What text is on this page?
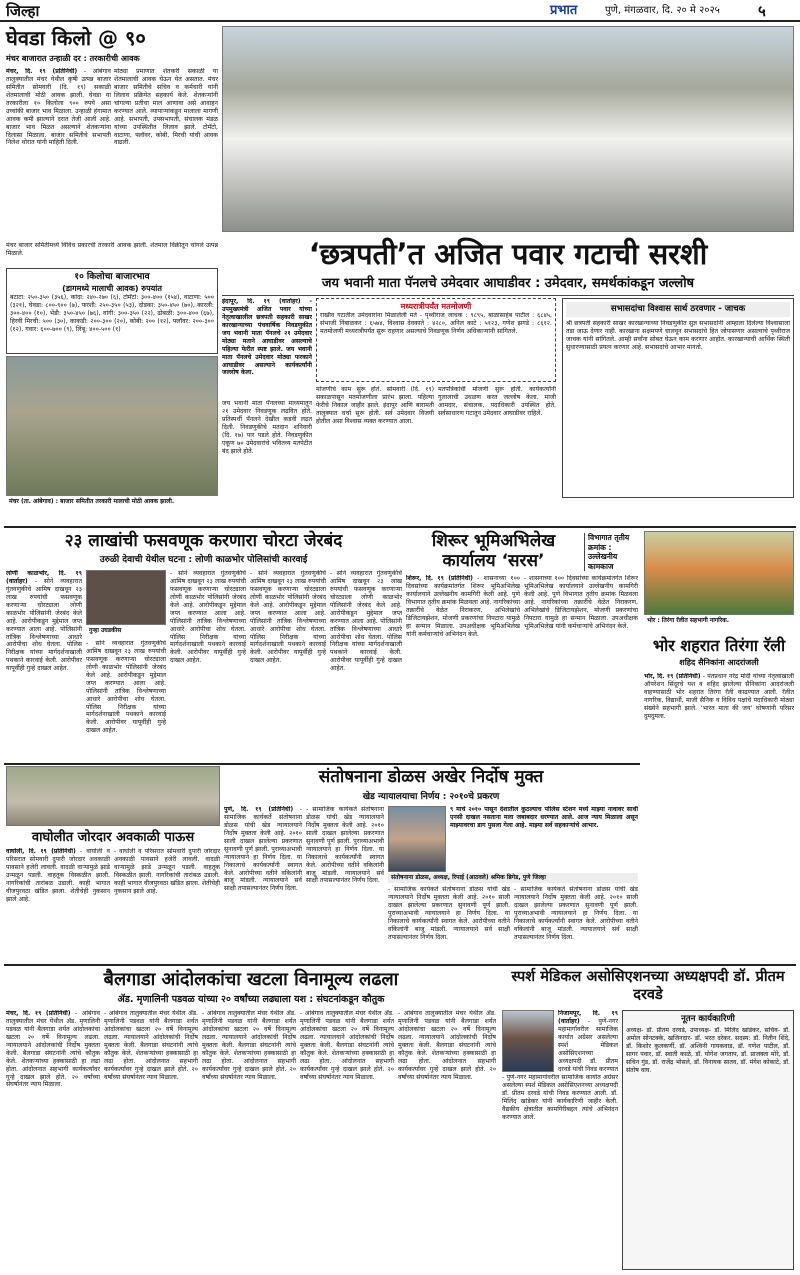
जिल्हा	प्रभात	पुणे, मंगळवार, दि. २० मे २०२५	५
घेवडा किलो @ ९०
मंचर बाजारात उन्हाळी दर : तरकारीची आवक
मंचर, दि. १९ (प्रतिनिधी) - आंबेगाव तालुक्यातील मंचर येथील कृषी उत्पन्न बाजार समितीत सोमवारी (दि. १९) सकाळी शेतमालाची मोठी आवक झाली. घेवडा या तरकारीला १० किलोला ९०० रुपये असा उच्चांकी बाजार भाव मिळाला. उन्हाळी हंगामात आवक कमी झाल्याने दरात तेजी आली आहे. बाजार भाव मिळत असल्याने शेतकऱ्यांना दिलासा मिळाला. बाजार समितीचे सभापती निलेश थोरात यांनी माहिती दिली.
मोठ्या प्रमाणात शेतकरी सकाळी या शेतमालाची आवक घेऊन येत असतात. मंचर बाजार समितीचे सचिव व कर्मचारी यांनी लिलाव प्रक्रियेत सहकार्य केले. शेतकऱ्यांनी चांगल्या प्रतीचा माल आणावा असे आवाहन करण्यात आले. व्यापाऱ्यांकडून मालाला मागणी आहे. सभापती, उपसभापती, संचालक मंडळ यांच्या उपस्थितीत लिलाव झाले. टोमॅटो, वाटाणा, फ्लॉवर, कोबी, मिरची यांची आवक वाढली.
मंचर बाजार समितीमध्ये विविध प्रकारची तरकारी आवक झाली. शेतमाल विक्रीतून चांगले उत्पन्न मिळाले.
१० किलोचा बाजारभाव
(डागमध्ये मालाची आवक) रुपयांत
बटाटा: २५०-३५० (३५६), कांदा: २४०-२७० (६), टोमॅटो: ३००-४०० (१५४), वाटाणा: ५०० (३२१), घेवडा: ८००-९०० (७), फरशी: २५०-३५० (५३), दोडका: ३५०-४५० (७०), कारली: ३००-४०० (१०), भेंडी: ३५०-४५० (७६), वांगी: ३००-३५० (२२), ढोबळी: ३००-४०० (६७), हिरवी मिरची: ५०० (३०), काकडी: २००-३०० (२०), कोबी: २०० (१२), फ्लॉवर: २००-३०० (१२), गवार: ६००-७०० (९), लिंबू: ४००-५०० (१)
मंचर (ता. आंबेगाव) : बाजार समितीत तरकारी मालाची मोठी आवक झाली.
‘छत्रपती’त अजित पवार गटाची सरशी
जय भवानी माता पॅनलचे उमेदवार आघाडीवर : उमेदवार, समर्थकांकडून जल्लोष
इंदापूर, दि. १९ (वार्ताहर) - उपमुख्यमंत्री अजित पवार यांच्या नेतृत्वाखालील छत्रपती सहकारी साखर कारखान्याच्या पंचवार्षिक निवडणुकीत जय भवानी माता पॅनलचे २१ उमेदवार मोठ्या मताने आघाडीवर असल्याचे पहिल्या फेरीत स्पष्ट झाले. जय भवानी माता पॅनलचे उमेदवार मोठ्या फरकाने आघाडीवर असल्याने कार्यकर्त्यांनी जल्लोष केला.
जय भवानी माता पॅनलच्या माध्यमातून २१ उमेदवार निवडणूक लढवित होते. प्रतिस्पर्धी पॅनलने देखील कडवी लढत दिली. निवडणुकीचे मतदान शनिवारी (दि. १७) पार पडले होते. निवडणुकीत एकूण ७० उमेदवारांचे भवितव्य मतपेटीत बंद झाले होते.
मध्यरात्रीपर्यंत मतमोजणी
राखीव गटातील उमेदवारांना मिळालेली मते - पृथ्वीराज जाचक : ९८९५, बाळासाहेब पाटील : ६८४५, संभाजी निंबाळकर : ६५७४, विश्वास देवकाते : ४२८०, अनिल काटे : ५१२३, गणेश झगडे : ८६१२. मतमोजणी मध्यरात्रीपर्यंत सुरू राहणार असल्याचे निवडणूक निर्णय अधिकाऱ्यांनी सांगितले.
मोजणीचे काम सुरू होते. सोमवारी (दि. १९) सकाळपासून मतमोजणीला प्रारंभ झाला. पहिल्या फेरीचे निकाल जाहीर झाले. इंदापूर आणि बारामती तालुक्यात चर्चा सुरू होती. सर्व उमेदवार विजयी होतील असा विश्वास व्यक्त करण्यात आला.
मतपत्रिकांची मोजणी सुरू होती. कार्यकर्त्यांनी गुलालाची उधळण करत जल्लोष केला. माजी आमदार, संचालक, पदाधिकारी उपस्थित होते. सर्वसाधारण गटातून उमेदवार आघाडीवर राहिले.
सभासदांचा विश्वास सार्थ ठरवणार - जाचक
श्री छत्रपती सहकारी साखर कारखान्याच्या निवडणुकीत सुज्ञ सभासदांनी आम्हाला दिलेल्या विश्वासाला तडा जाऊ देणार नाही. कारखाना सक्षमपणे चालवून सभासदांचे हित जोपासणार असल्याचे पृथ्वीराज जाचक यांनी सांगितले. आम्ही सर्वांना सोबत घेऊन काम करणार आहोत. कारखान्याची आर्थिक स्थिती सुधारण्यासाठी प्रयत्न करणार आहे. सभासदांचे आभार मानतो.
२३ लाखांची फसवणूक करणारा चोरटा जेरबंद
उरुळी देवाची येथील घटना : लोणी काळभोर पोलिसांची कारवाई
लोणी काळभोर, दि. १९ (वार्ताहर) - सोने व्यवहारात गुंतवणुकीचे आमिष दाखवून २३ लाख रुपयांची फसवणूक करणाऱ्या चोरट्याला लोणी काळभोर पोलिसांनी जेरबंद केले आहे. आरोपीकडून मुद्देमाल जप्त करण्यात आला आहे. पोलिसांनी तांत्रिक विश्लेषणाच्या आधारे आरोपीचा शोध घेतला. पोलिस निरीक्षक यांच्या मार्गदर्शनाखाली पथकाने कारवाई केली. आरोपीवर यापूर्वीही गुन्हे दाखल आहेत.
गुन्हा उघडकीस
- सोने व्यवहारात गुंतवणुकीचे आमिष दाखवून २३ लाख रुपयांची फसवणूक करणाऱ्या चोरट्याला लोणी काळभोर पोलिसांनी जेरबंद केले आहे. आरोपीकडून मुद्देमाल जप्त करण्यात आला आहे. पोलिसांनी तांत्रिक विश्लेषणाच्या आधारे आरोपीचा शोध घेतला. पोलिस निरीक्षक यांच्या मार्गदर्शनाखाली पथकाने कारवाई केली. आरोपीवर यापूर्वीही गुन्हे दाखल आहेत.
- सोने व्यवहारात गुंतवणुकीचे आमिष दाखवून २३ लाख रुपयांची फसवणूक करणाऱ्या चोरट्याला लोणी काळभोर पोलिसांनी जेरबंद केले आहे. आरोपीकडून मुद्देमाल जप्त करण्यात आला आहे. पोलिसांनी तांत्रिक विश्लेषणाच्या आधारे आरोपीचा शोध घेतला. पोलिस निरीक्षक यांच्या मार्गदर्शनाखाली पथकाने कारवाई केली. आरोपीवर यापूर्वीही गुन्हे दाखल आहेत.
- सोने व्यवहारात गुंतवणुकीचे आमिष दाखवून २३ लाख रुपयांची फसवणूक करणाऱ्या चोरट्याला लोणी काळभोर पोलिसांनी जेरबंद केले आहे. आरोपीकडून मुद्देमाल जप्त करण्यात आला आहे. पोलिसांनी तांत्रिक विश्लेषणाच्या आधारे आरोपीचा शोध घेतला. पोलिस निरीक्षक यांच्या मार्गदर्शनाखाली पथकाने कारवाई केली. आरोपीवर यापूर्वीही गुन्हे दाखल आहेत.
- सोने व्यवहारात गुंतवणुकीचे आमिष दाखवून २३ लाख रुपयांची फसवणूक करणाऱ्या चोरट्याला लोणी काळभोर पोलिसांनी जेरबंद केले आहे. आरोपीकडून मुद्देमाल जप्त करण्यात आला आहे. पोलिसांनी तांत्रिक विश्लेषणाच्या आधारे आरोपीचा शोध घेतला. पोलिस निरीक्षक यांच्या मार्गदर्शनाखाली पथकाने कारवाई केली. आरोपीवर यापूर्वीही गुन्हे दाखल आहेत.
शिरूर भूमिअभिलेख कार्यालय ‘सरस’
विभागात तृतीय क्रमांक : उल्लेखनीय कामकाज
शिरूर, दि. १९ (प्रतिनिधी) - शासनाच्या १०० दिवसांच्या कार्यक्रमांतर्गत शिरूर भूमिअभिलेख कार्यालयाने उल्लेखनीय कामगिरी केली आहे. पुणे विभागात तृतीय क्रमांक मिळवला आहे. नागरिकांच्या तक्रारींचे वेळेत निराकरण, अभिलेखांचे डिजिटायझेशन, मोजणी प्रकरणांचा निपटारा यामुळे हा सन्मान मिळाला. उपअधीक्षक भूमिअभिलेख यांनी कर्मचाऱ्यांचे अभिनंदन केले.
- शासनाच्या १०० दिवसांच्या कार्यक्रमांतर्गत शिरूर भूमिअभिलेख कार्यालयाने उल्लेखनीय कामगिरी केली आहे. पुणे विभागात तृतीय क्रमांक मिळवला आहे. नागरिकांच्या तक्रारींचे वेळेत निराकरण, अभिलेखांचे डिजिटायझेशन, मोजणी प्रकरणांचा निपटारा यामुळे हा सन्मान मिळाला. उपअधीक्षक भूमिअभिलेख यांनी कर्मचाऱ्यांचे अभिनंदन केले.
भोर : तिरंगा रॅलीत सहभागी नागरिक.
भोर शहरात तिरंगा रॅली
शहिद सैनिकांना आदरांजली
भोर, दि. १९ (प्रतिनिधी) - पंतप्रधान नरेंद्र मोदी यांच्या नेतृत्वाखाली ऑपरेशन सिंदूरचे यश व शहिद झालेल्या सैनिकांना आदरांजली वाहण्यासाठी भोर शहरात तिरंगा रॅली काढण्यात आली. रॅलीत नागरिक, विद्यार्थी, माजी सैनिक व विविध पक्षांचे पदाधिकारी मोठ्या संख्येने सहभागी झाले. ‘भारत माता की जय’ घोषणांनी परिसर दुमदुमला.
वाघोलीत जोरदार अवकाळी पाऊस
वाघोली, दि. १९ (प्रतिनिधी) - वाघोली व परिसरात सोमवारी दुपारी जोरदार अवकाळी पावसाने हजेरी लावली. वादळी वाऱ्यामुळे झाडे उन्मळून पडली. वाहतूक विस्कळीत झाली. नागरिकांची तारांबळ उडाली. काही भागात वीजपुरवठा खंडित झाला. शेतीचेही नुकसान झाले आहे.
- वाघोली व परिसरात सोमवारी दुपारी जोरदार अवकाळी पावसाने हजेरी लावली. वादळी वाऱ्यामुळे झाडे उन्मळून पडली. वाहतूक विस्कळीत झाली. नागरिकांची तारांबळ उडाली. काही भागात वीजपुरवठा खंडित झाला. शेतीचेही नुकसान झाले आहे.
संतोषनाना डोळस अखेर निर्दोष मुक्त
खेड न्यायालयाचा निर्णय : २०१०चे प्रकरण
पुणे, दि. १९ (प्रतिनिधी) - सामाजिक कार्यकर्ते संतोषनाना डोळस यांची खेड न्यायालयाने निर्दोष मुक्तता केली आहे. २०१० साली दाखल झालेल्या प्रकरणात सुनावणी पूर्ण झाली. पुराव्याअभावी न्यायालयाने हा निर्णय दिला. या निकालाचे कार्यकर्त्यांनी स्वागत केले. आरोपीच्या वतीने वकिलांनी बाजू मांडली. न्यायालयाने सर्व साक्षी तपासल्यानंतर निर्णय दिला.
- सामाजिक कार्यकर्ते संतोषनाना डोळस यांची खेड न्यायालयाने निर्दोष मुक्तता केली आहे. २०१० साली दाखल झालेल्या प्रकरणात सुनावणी पूर्ण झाली. पुराव्याअभावी न्यायालयाने हा निर्णय दिला. या निकालाचे कार्यकर्त्यांनी स्वागत केले. आरोपीच्या वतीने वकिलांनी बाजू मांडली. न्यायालयाने सर्व साक्षी तपासल्यानंतर निर्णय दिला.
९ मार्च २०१० पासून देशातील कुठल्याच पोलिस स्टेशन मध्ये माझ्या नावावर साधी एनसी दाखल नसताना मला जबाबदार धरण्यात आले. आज न्याय मिळाला असून माझ्यावरचा डाग पुसला गेला आहे. माझ्या सर्व सहकाऱ्यांचे आभार.
संतोषनाना डोळस, अध्यक्ष, रिपाई (आठवले) श्रमिक ब्रिगेड, पुणे जिल्हा
- सामाजिक कार्यकर्ते संतोषनाना डोळस यांची खेड न्यायालयाने निर्दोष मुक्तता केली आहे. २०१० साली दाखल झालेल्या प्रकरणात सुनावणी पूर्ण झाली. पुराव्याअभावी न्यायालयाने हा निर्णय दिला. या निकालाचे कार्यकर्त्यांनी स्वागत केले. आरोपीच्या वतीने वकिलांनी बाजू मांडली. न्यायालयाने सर्व साक्षी तपासल्यानंतर निर्णय दिला.
- सामाजिक कार्यकर्ते संतोषनाना डोळस यांची खेड न्यायालयाने निर्दोष मुक्तता केली आहे. २०१० साली दाखल झालेल्या प्रकरणात सुनावणी पूर्ण झाली. पुराव्याअभावी न्यायालयाने हा निर्णय दिला. या निकालाचे कार्यकर्त्यांनी स्वागत केले. आरोपीच्या वतीने वकिलांनी बाजू मांडली. न्यायालयाने सर्व साक्षी तपासल्यानंतर निर्णय दिला.
बैलगाडा आंदोलकांचा खटला विनामूल्य लढला
ॲड. मृणालिनी पडवळ यांच्या २० वर्षांच्या लढ्याला यश : संघटनांकडून कौतुक
मंचर, दि. १९ (प्रतिनिधी) - आंबेगाव तालुक्यातील मंचर येथील ॲड. मृणालिनी पडवळ यांनी बैलगाडा शर्यत आंदोलकांचा खटला २० वर्षे विनामूल्य लढला. न्यायालयाने आंदोलकांची निर्दोष मुक्तता केली. बैलगाडा संघटनांनी त्यांचे कौतुक केले. शेतकऱ्यांच्या हक्कासाठी हा लढा होता. आंदोलनात सहभागी कार्यकर्त्यांवर गुन्हे दाखल झाले होते. २० वर्षांच्या संघर्षानंतर न्याय मिळाला.
- आंबेगाव तालुक्यातील मंचर येथील ॲड. मृणालिनी पडवळ यांनी बैलगाडा शर्यत आंदोलकांचा खटला २० वर्षे विनामूल्य लढला. न्यायालयाने आंदोलकांची निर्दोष मुक्तता केली. बैलगाडा संघटनांनी त्यांचे कौतुक केले. शेतकऱ्यांच्या हक्कासाठी हा लढा होता. आंदोलनात सहभागी कार्यकर्त्यांवर गुन्हे दाखल झाले होते. २० वर्षांच्या संघर्षानंतर न्याय मिळाला.
- आंबेगाव तालुक्यातील मंचर येथील ॲड. मृणालिनी पडवळ यांनी बैलगाडा शर्यत आंदोलकांचा खटला २० वर्षे विनामूल्य लढला. न्यायालयाने आंदोलकांची निर्दोष मुक्तता केली. बैलगाडा संघटनांनी त्यांचे कौतुक केले. शेतकऱ्यांच्या हक्कासाठी हा लढा होता. आंदोलनात सहभागी कार्यकर्त्यांवर गुन्हे दाखल झाले होते. २० वर्षांच्या संघर्षानंतर न्याय मिळाला.
- आंबेगाव तालुक्यातील मंचर येथील ॲड. मृणालिनी पडवळ यांनी बैलगाडा शर्यत आंदोलकांचा खटला २० वर्षे विनामूल्य लढला. न्यायालयाने आंदोलकांची निर्दोष मुक्तता केली. बैलगाडा संघटनांनी त्यांचे कौतुक केले. शेतकऱ्यांच्या हक्कासाठी हा लढा होता. आंदोलनात सहभागी कार्यकर्त्यांवर गुन्हे दाखल झाले होते. २० वर्षांच्या संघर्षानंतर न्याय मिळाला.
- आंबेगाव तालुक्यातील मंचर येथील ॲड. मृणालिनी पडवळ यांनी बैलगाडा शर्यत आंदोलकांचा खटला २० वर्षे विनामूल्य लढला. न्यायालयाने आंदोलकांची निर्दोष मुक्तता केली. बैलगाडा संघटनांनी त्यांचे कौतुक केले. शेतकऱ्यांच्या हक्कासाठी हा लढा होता. आंदोलनात सहभागी कार्यकर्त्यांवर गुन्हे दाखल झाले होते. २० वर्षांच्या संघर्षानंतर न्याय मिळाला.
स्पर्श मेडिकल असोसिएशनच्या अध्यक्षपदी डॉ. प्रीतम दरवडे
निजामपूर, दि. १९ (वार्ताहर) - पुणे-नगर महामार्गावरील सामाजिक कार्यात अग्रेसर असलेल्या स्पर्श मेडिकल असोसिएशनच्या अध्यक्षपदी डॉ. प्रीतम दरवडे यांची निवड करण्यात
- पुणे-नगर महामार्गावरील सामाजिक कार्यात अग्रेसर असलेल्या स्पर्श मेडिकल असोसिएशनच्या अध्यक्षपदी डॉ. प्रीतम दरवडे यांची निवड करण्यात आली. डॉ. मिलिंद खांडेकर यांनी कार्यकारिणी जाहीर केली. वैद्यकीय क्षेत्रातील कामगिरीबद्दल त्यांचे अभिनंदन करण्यात आले.
नूतन कार्यकारिणी
अध्यक्ष- डॉ. प्रीतम दरवडे, उपाध्यक्ष- डॉ. मिलिंद खांडेकर, सचिव- डॉ. अमोल सोनटक्के, खजिनदार- डॉ. भरत दरेकर. सदस्य: डॉ. नितीन शिंदे, डॉ. किशोर कुलकर्णी, डॉ. अश्विनी गायकवाड, डॉ. गणेश पाटील, डॉ. सागर पवार, डॉ. स्वाती काळे, डॉ. योगेश जगताप, डॉ. प्राजक्ता मोरे, डॉ. सचिन गुंड, डॉ. राजेंद्र भोसले, डॉ. विनायक सातव, डॉ. मंगेश कोकाटे, डॉ. संतोष वाघ.
